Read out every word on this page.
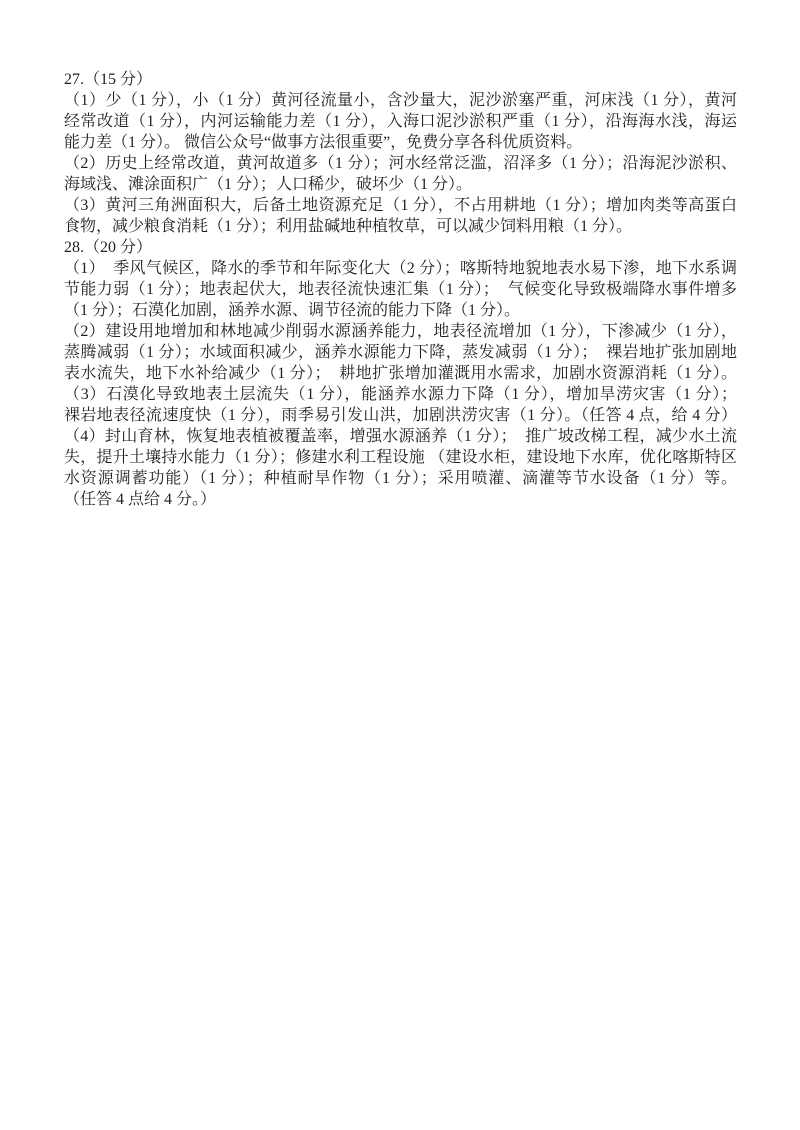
27.（15 分）
（1）少（1 分），小（1 分）黄河径流量小，含沙量大，泥沙淤塞严重，河床浅（1 分），黄河
经常改道（1 分），内河运输能力差（1 分），入海口泥沙淤积严重（1 分），沿海海水浅，海运
能力差（1 分）。 微信公众号“做事方法很重要”，免费分享各科优质资料。
（2）历史上经常改道，黄河故道多（1 分）；河水经常泛滥，沼泽多（1 分）；沿海泥沙淤积、
海域浅、滩涂面积广（1 分）；人口稀少，破坏少（1 分）。
（3）黄河三角洲面积大，后备土地资源充足（1 分），不占用耕地（1 分）；增加肉类等高蛋白
食物，减少粮食消耗（1 分）；利用盐碱地种植牧草，可以减少饲料用粮（1 分）。
28.（20 分）
（1）　季风气候区，降水的季节和年际变化大（2 分）；喀斯特地貌地表水易下渗，地下水系调
节能力弱（1 分）；地表起伏大，地表径流快速汇集（1 分）；　气候变化导致极端降水事件增多
（1 分）；石漠化加剧，涵养水源、调节径流的能力下降（1 分）。
（2）建设用地增加和林地减少削弱水源涵养能力，地表径流增加（1 分），下渗减少（1 分），
蒸腾减弱（1 分）；水域面积减少，涵养水源能力下降，蒸发减弱（1 分）；　裸岩地扩张加剧地
表水流失，地下水补给减少（1 分）；　耕地扩张增加灌溉用水需求，加剧水资源消耗（1 分）。
（3）石漠化导致地表土层流失（1 分），能涵养水源力下降（1 分），增加旱涝灾害（1 分）；
裸岩地表径流速度快（1 分），雨季易引发山洪，加剧洪涝灾害（1 分）。（任答 4 点，给 4 分）
（4）封山育林，恢复地表植被覆盖率，增强水源涵养（1 分）；　推广坡改梯工程，减少水土流
失，提升土壤持水能力（1 分）；修建水利工程设施 （建设水柜，建设地下水库，优化喀斯特区
水资源调蓄功能）（1 分）；种植耐旱作物（1 分）；采用喷灌、滴灌等节水设备（1 分）等。
（任答 4 点给 4 分。）
